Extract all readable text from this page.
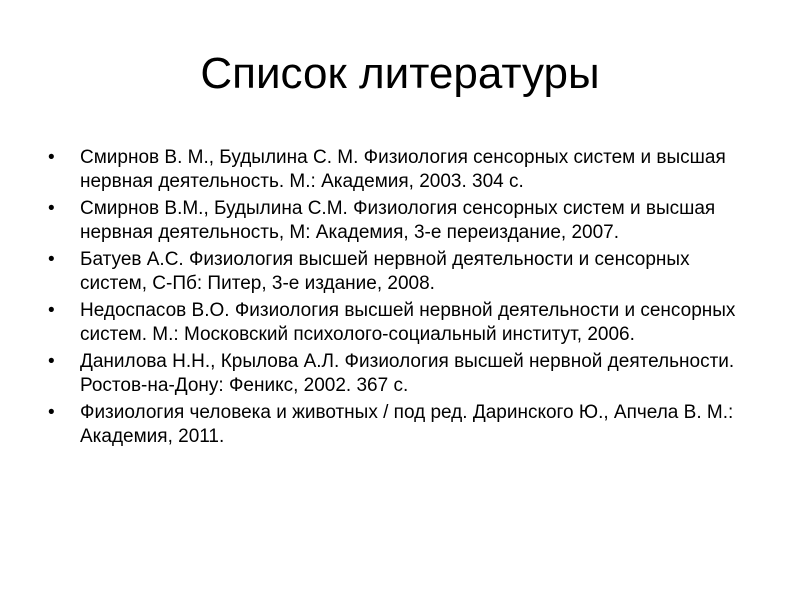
Список литературы
• Смирнов В. М., Будылина С. М. Физиология сенсорных систем и высшая нервная деятельность. М.: Академия, 2003. 304 с.
• Смирнов В.М., Будылина С.М. Физиология сенсорных систем и высшая нервная деятельность, М: Академия, 3-е переиздание, 2007.
• Батуев А.С. Физиология высшей нервной деятельности и сенсорных систем, С-Пб: Питер, 3-е издание, 2008.
• Недоспасов В.О. Физиология высшей нервной деятельности и сенсорных систем. М.: Московский психолого-социальный институт, 2006.
• Данилова Н.Н., Крылова А.Л. Физиология высшей нервной деятельности. Ростов-на-Дону: Феникс, 2002. 367 с.
• Физиология человека и животных / под ред. Даринского Ю., Апчела В. М.: Академия, 2011.
